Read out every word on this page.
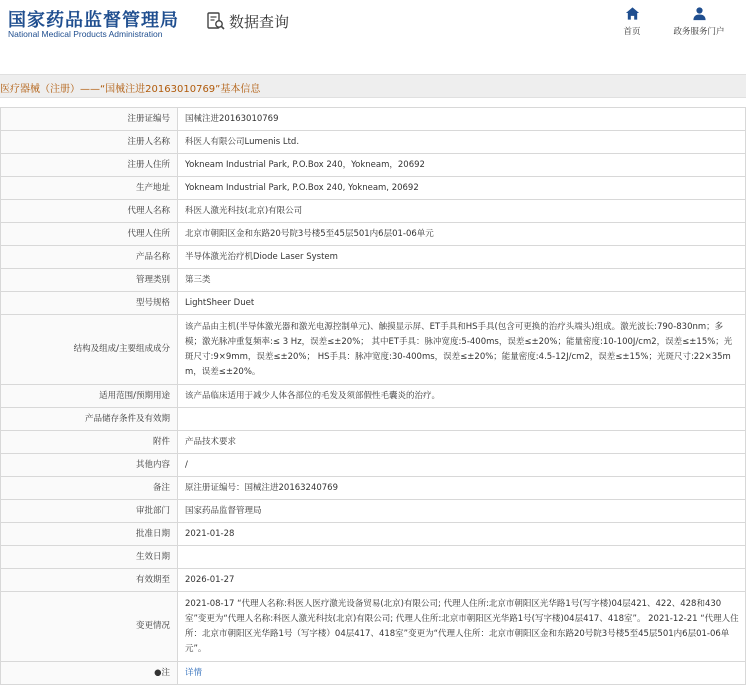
国家药品监督管理局
National Medical Products Administration
数据查询
首页	政务服务门户
医疗器械（注册）——“国械注进20163010769”基本信息
注册证编号	国械注进20163010769
注册人名称	科医人有限公司Lumenis Ltd.
注册人住所	Yokneam Industrial Park, P.O.Box 240，Yokneam，20692
生产地址	Yokneam Industrial Park, P.O.Box 240, Yokneam, 20692
代理人名称	科医人激光科技(北京)有限公司
代理人住所	北京市朝阳区金和东路20号院3号楼5至45层501内6层01-06单元
产品名称	半导体激光治疗机Diode Laser System
管理类别	第三类
型号规格	LightSheer Duet
结构及组成/主要组成成分	该产品由主机(半导体激光器和激光电源控制单元)、触摸显示屏、ET手具和HS手具(包含可更换的治疗头端头)组成。激光波长:790-830nm；多模；激光脉冲重复频率:≤ 3 Hz，误差≤±20%； 其中ET手具：脉冲宽度:5-400ms，误差≤±20%；能量密度:10-100J/cm2，误差≤±15%；光斑尺寸:9×9mm，误差≤±20%； HS手具：脉冲宽度:30-400ms，误差≤±20%；能量密度:4.5-12J/cm2，误差≤±15%；光斑尺寸:22×35mm，误差≤±20%。
适用范围/预期用途	该产品临床适用于减少人体各部位的毛发及须部假性毛囊炎的治疗。
产品储存条件及有效期	
附件	产品技术要求
其他内容	/
备注	原注册证编号：国械注进20163240769
审批部门	国家药品监督管理局
批准日期	2021-01-28
生效日期	
有效期至	2026-01-27
变更情况	2021-08-17 “代理人名称:科医人医疗激光设备贸易(北京)有限公司; 代理人住所:北京市朝阳区光华路1号(写字楼)04层421、422、428和430室”变更为“代理人名称:科医人激光科技(北京)有限公司; 代理人住所:北京市朝阳区光华路1号(写字楼)04层417、418室”。 2021-12-21 “代理人住所：北京市朝阳区光华路1号（写字楼）04层417、418室”变更为“代理人住所：北京市朝阳区金和东路20号院3号楼5至45层501内6层01-06单元”。
●注	详情
